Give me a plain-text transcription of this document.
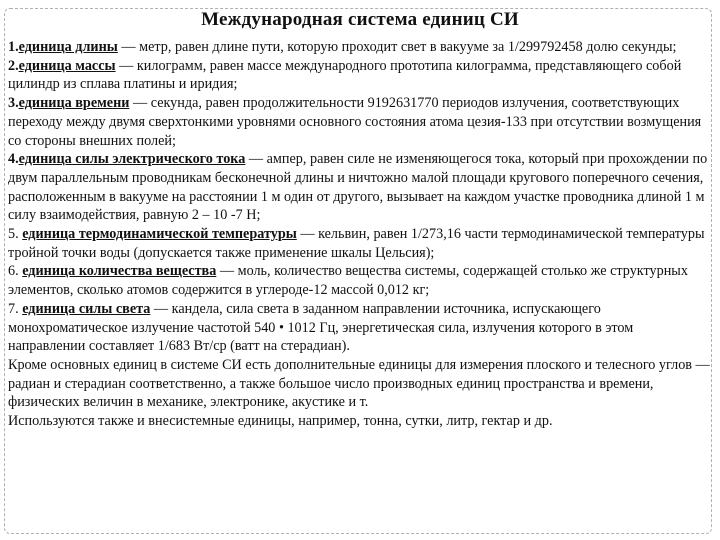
Международная система единиц СИ

1.единица длины — метр, равен длине пути, которую проходит свет в вакууме за 1/299792458 долю секунды;

2.единица массы — килограмм, равен массе международного прототипа килограмма, представляющего собой цилиндр из сплава платины и иридия;

3.единица времени — секунда, равен продолжительности 9192631770 периодов излучения, соответствующих переходу между двумя сверхтонкими уровнями основного состояния атома цезия-133 при отсутствии возмущения со стороны внешних полей;

4.единица силы электрического тока — ампер, равен силе не изменяющегося тока, который при прохождении по двум параллельным проводникам бесконечной длины и ничтожно малой площади кругового поперечного сечения, расположенным в вакууме на расстоянии 1 м один от другого, вызывает на каждом участке проводника длиной 1 м силу взаимодействия, равную 2 – 10 -7 Н;

5. единица термодинамической температуры — кельвин, равен 1/273,16 части термодинамической температуры тройной точки воды (допускается также применение шкалы Цельсия);

6. единица количества вещества — моль, количество вещества системы, содержащей столько же структурных элементов, сколько атомов содержится в углероде-12 массой 0,012 кг;

7. единица силы света — кандела, сила света в заданном направлении источника, испускающего монохроматическое излучение частотой 540 • 1012 Гц, энергетическая сила, излучения которого в этом направлении составляет 1/683 Вт/ср (ватт на стерадиан).

Кроме основных единиц в системе СИ есть дополнительные единицы для измерения плоского и телесного углов — радиан и стерадиан соответственно, а также большое число производных единиц пространства и времени, физических величин в механике, электронике, акустике и т.

Используются также и внесистемные единицы, например, тонна, сутки, литр, гектар и др.
